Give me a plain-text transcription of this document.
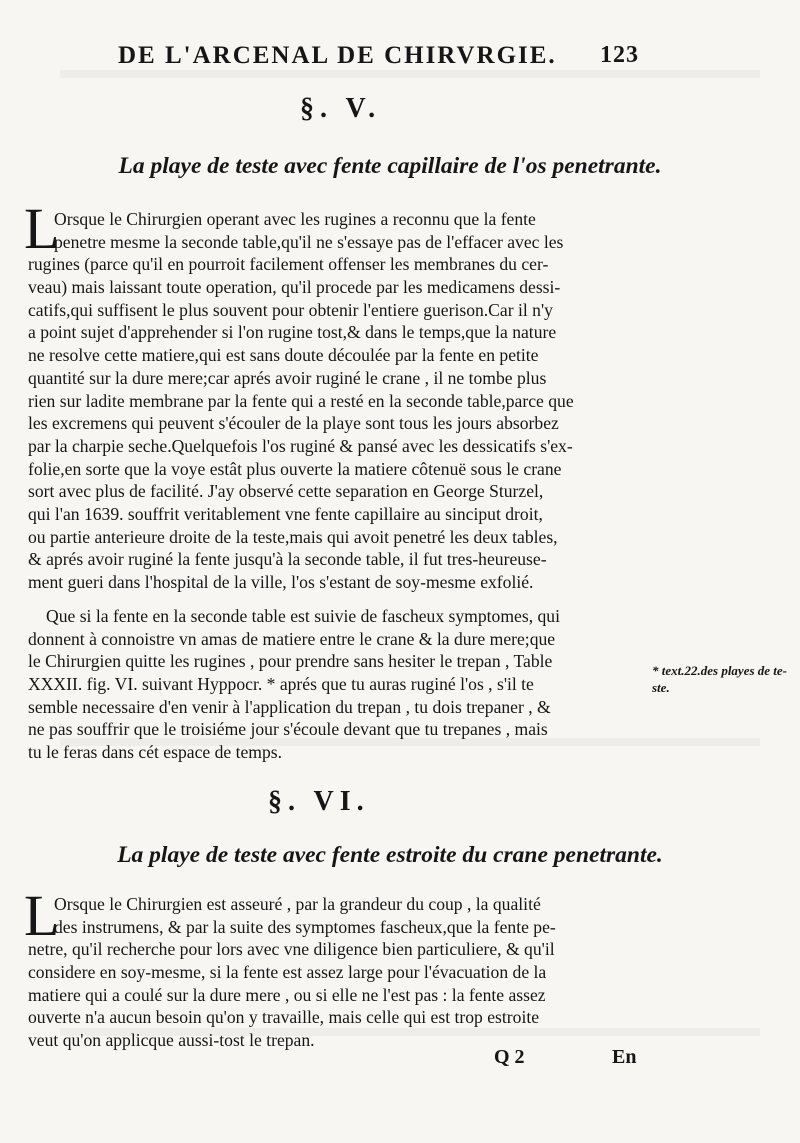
DE L'ARCENAL DE CHIRVRGIE.	123
§. V.
La playe de teste avec fente capillaire de l'os penetrante.
L
Orsque le Chirurgien operant avec les rugines a reconnu que la fente
penetre mesme la seconde table,qu'il ne s'essaye pas de l'effacer avec les
rugines (parce qu'il en pourroit facilement offenser les membranes du cer-
veau) mais laissant toute operation, qu'il procede par les medicamens dessi-
catifs,qui suffisent le plus souvent pour obtenir l'entiere guerison.Car il n'y
a point sujet d'apprehender si l'on rugine tost,& dans le temps,que la nature
ne resolve cette matiere,qui est sans doute découlée par la fente en petite
quantité sur la dure mere;car aprés avoir ruginé le crane , il ne tombe plus
rien sur ladite membrane par la fente qui a resté en la seconde table,parce que
les excremens qui peuvent s'écouler de la playe sont tous les jours absorbez
par la charpie seche.Quelquefois l'os ruginé & pansé avec les dessicatifs s'ex-
folie,en sorte que la voye estât plus ouverte la matiere côtenuë sous le crane
sort avec plus de facilité. J'ay observé cette separation en George Sturzel,
qui l'an 1639. souffrit veritablement vne fente capillaire au sinciput droit,
ou partie anterieure droite de la teste,mais qui avoit penetré les deux tables,
& aprés avoir ruginé la fente jusqu'à la seconde table, il fut tres-heureuse-
ment gueri dans l'hospital de la ville, l'os s'estant de soy-mesme exfolié.
Que si la fente en la seconde table est suivie de fascheux symptomes, qui
donnent à connoistre vn amas de matiere entre le crane & la dure mere;que
le Chirurgien quitte les rugines , pour prendre sans hesiter le trepan , Table
XXXII. fig. VI. suivant Hyppocr. * aprés que tu auras ruginé l'os , s'il te
semble necessaire d'en venir à l'application du trepan , tu dois trepaner , &
ne pas souffrir que le troisiéme jour s'écoule devant que tu trepanes , mais
tu le feras dans cét espace de temps.
* text.22.des playes de te-ste.
§. VI.
La playe de teste avec fente estroite du crane penetrante.
L
Orsque le Chirurgien est asseuré , par la grandeur du coup , la qualité
des instrumens, & par la suite des symptomes fascheux,que la fente pe-
netre, qu'il recherche pour lors avec vne diligence bien particuliere, & qu'il
considere en soy-mesme, si la fente est assez large pour l'évacuation de la
matiere qui a coulé sur la dure mere , ou si elle ne l'est pas : la fente assez
ouverte n'a aucun besoin qu'on y travaille, mais celle qui est trop estroite
veut qu'on applicque aussi-tost le trepan.
Q 2	En
